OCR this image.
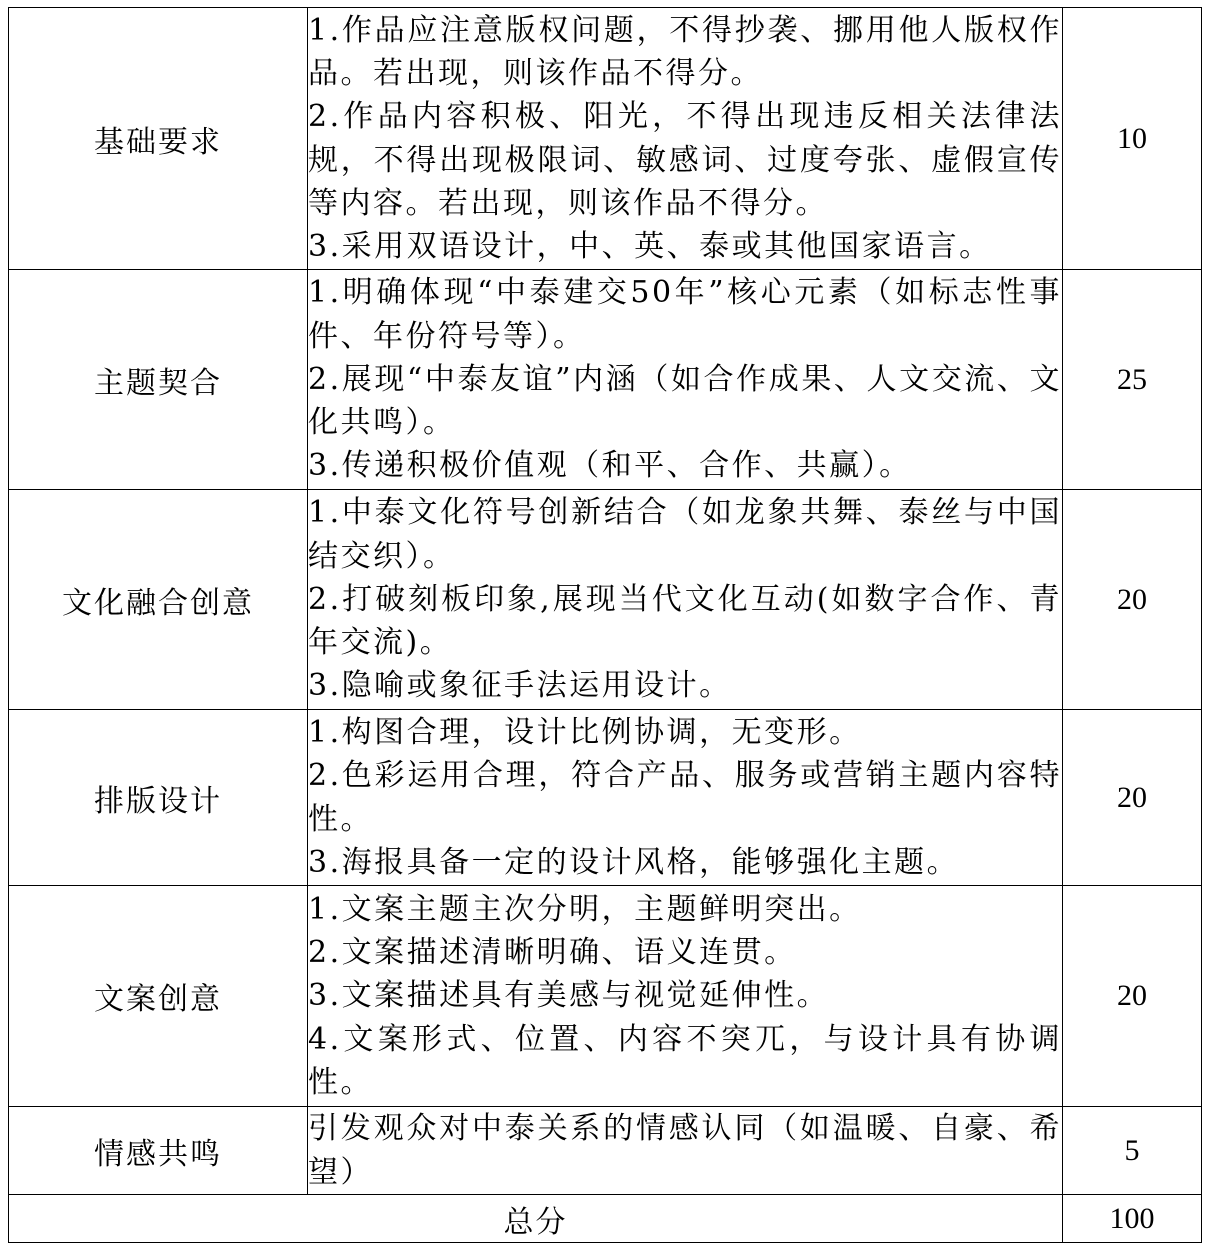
基础要求	1.作品应注意版权问题，不得抄袭、挪用他人版权作品。若出现，则该作品不得分。

2.作品内容积极、阳光，不得出现违反相关法律法规，不得出现极限词、敏感词、过度夸张、虚假宣传等内容。若出现，则该作品不得分。

3.采用双语设计，中、英、泰或其他国家语言。	10
主题契合	1.明确体现“中泰建交50年”核心元素（如标志性事件、年份符号等）。

2.展现“中泰友谊”内涵（如合作成果、人文交流、文化共鸣）。

3.传递积极价值观（和平、合作、共赢）。	25
文化融合创意	1.中泰文化符号创新结合（如龙象共舞、泰丝与中国结交织）。

2.打破刻板印象,展现当代文化互动(如数字合作、青年交流)。

3.隐喻或象征手法运用设计。	20
排版设计	1.构图合理，设计比例协调，无变形。

2.色彩运用合理，符合产品、服务或营销主题内容特性。

3.海报具备一定的设计风格，能够强化主题。	20
文案创意	1.文案主题主次分明，主题鲜明突出。

2.文案描述清晰明确、语义连贯。

3.文案描述具有美感与视觉延伸性。

4.文案形式、位置、内容不突兀，与设计具有协调性。	20
情感共鸣	引发观众对中泰关系的情感认同（如温暖、自豪、希望）	5
总分		100
